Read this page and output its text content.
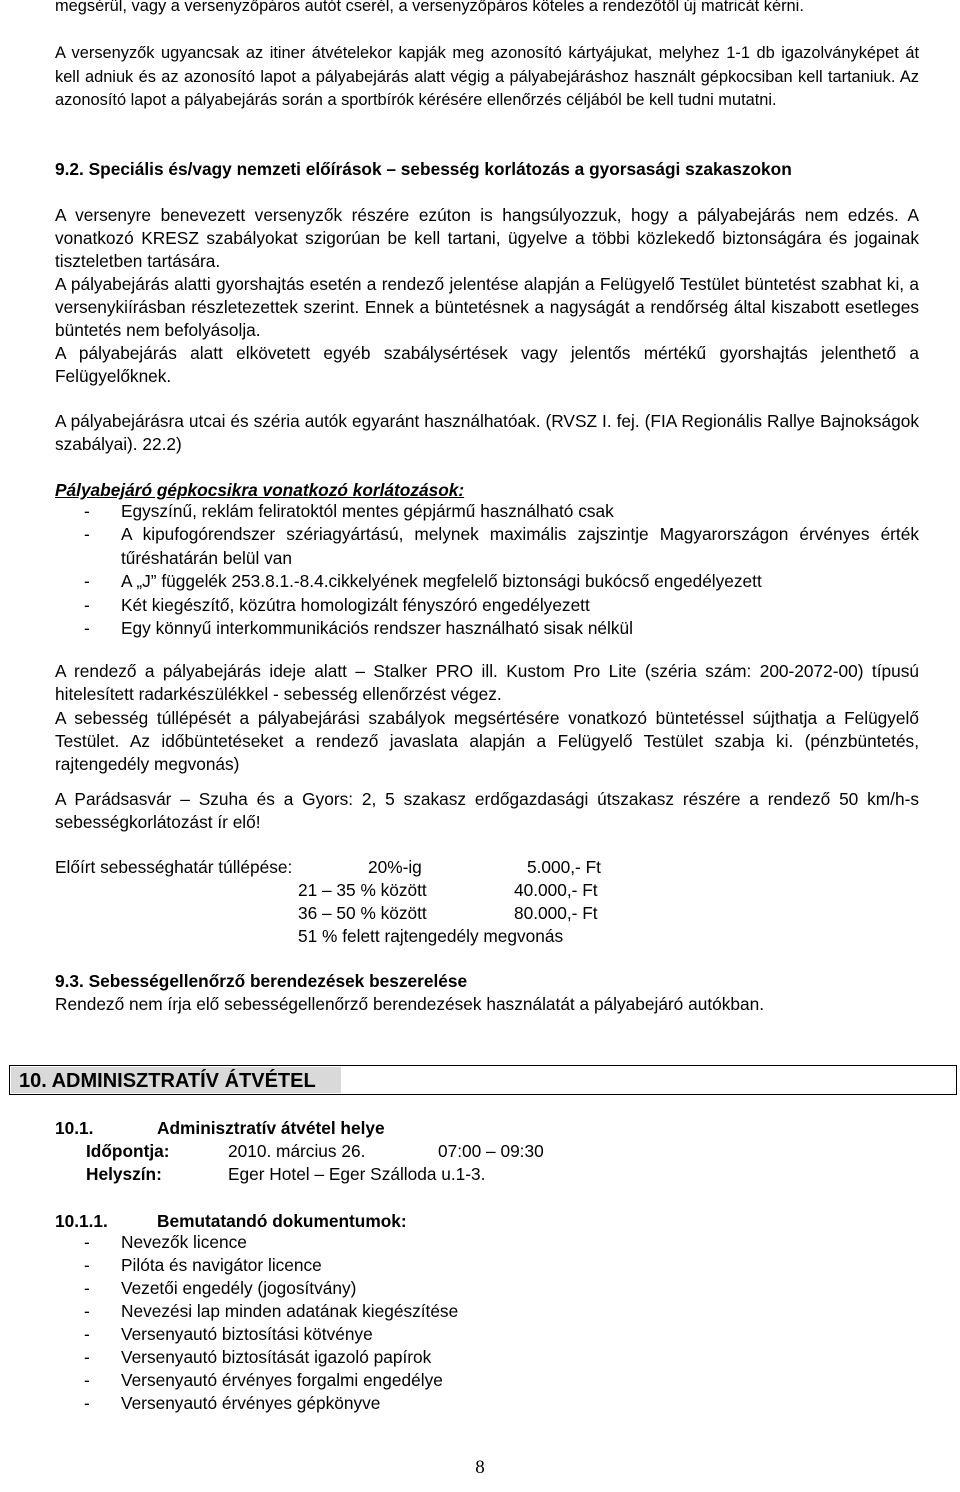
megsérül, vagy a versenyzőpáros autót cserél, a versenyzőpáros köteles a rendezőtől új matricát kérni.

A versenyzők ugyancsak az itiner átvételekor kapják meg azonosító kártyájukat, melyhez 1-1 db igazolványképet át kell adniuk és az azonosító lapot a pályabejárás alatt végig a pályabejáráshoz használt gépkocsiban kell tartaniuk. Az azonosító lapot a pályabejárás során a sportbírók kérésére ellenőrzés céljából be kell tudni mutatni.

9.2. Speciális és/vagy nemzeti előírások – sebesség korlátozás a gyorsasági szakaszokon

A versenyre benevezett versenyzők részére ezúton is hangsúlyozzuk, hogy a pályabejárás nem edzés. A vonatkozó KRESZ szabályokat szigorúan be kell tartani, ügyelve a többi közlekedő biztonságára és jogainak tiszteletben tartására.

A pályabejárás alatti gyorshajtás esetén a rendező jelentése alapján a Felügyelő Testület büntetést szabhat ki, a versenykiírásban részletezettek szerint. Ennek a büntetésnek a nagyságát a rendőrség által kiszabott esetleges büntetés nem befolyásolja.

A pályabejárás alatt elkövetett egyéb szabálysértések vagy jelentős mértékű gyorshajtás jelenthető a Felügyelőknek.

A pályabejárásra utcai és széria autók egyaránt használhatóak. (RVSZ I. fej. (FIA Regionális Rallye Bajnokságok szabályai). 22.2)

Pályabejáró gépkocsikra vonatkozó korlátozások:

- Egyszínű, reklám feliratoktól mentes gépjármű használható csak
- A kipufogórendszer szériagyártású, melynek maximális zajszintje Magyarországon érvényes érték tűréshatárán belül van
- A „J” függelék 253.8.1.-8.4.cikkelyének megfelelő biztonsági bukócső engedélyezett
- Két kiegészítő, közútra homologizált fényszóró engedélyezett
- Egy könnyű interkommunikációs rendszer használható sisak nélkül

A rendező a pályabejárás ideje alatt – Stalker PRO ill. Kustom Pro Lite (széria szám: 200-2072-00) típusú hitelesített radarkészülékkel - sebesség ellenőrzést végez.

A sebesség túllépését a pályabejárási szabályok megsértésére vonatkozó büntetéssel sújthatja a Felügyelő Testület. Az időbüntetéseket a rendező javaslata alapján a Felügyelő Testület szabja ki. (pénzbüntetés, rajtengedély megvonás)

A Parádsasvár – Szuha és a Gyors: 2, 5 szakasz erdőgazdasági útszakasz részére a rendező 50 km/h-s sebességkorlátozást ír elő!

Előírt sebességhatár túllépése:	20%-ig	5.000,- Ft
21 – 35 % között	40.000,- Ft
36 – 50 % között	80.000,- Ft
51 % felett rajtengedély megvonás

9.3. Sebességellenőrző berendezések beszerelése

Rendező nem írja elő sebességellenőrző berendezések használatát a pályabejáró autókban.

10. ADMINISZTRATÍV ÁTVÉTEL
10.1.	Adminisztratív átvétel helye
Időpontja:	2010. március 26.	07:00 – 09:30
Helyszín:	Eger Hotel – Eger Szálloda u.1-3.
10.1.1.	Bemutatandó dokumentumok:
- Nevezők licence
- Pilóta és navigátor licence
- Vezetői engedély (jogosítvány)
- Nevezési lap minden adatának kiegészítése
- Versenyautó biztosítási kötvénye
- Versenyautó biztosítását igazoló papírok
- Versenyautó érvényes forgalmi engedélye
- Versenyautó érvényes gépkönyve
8
